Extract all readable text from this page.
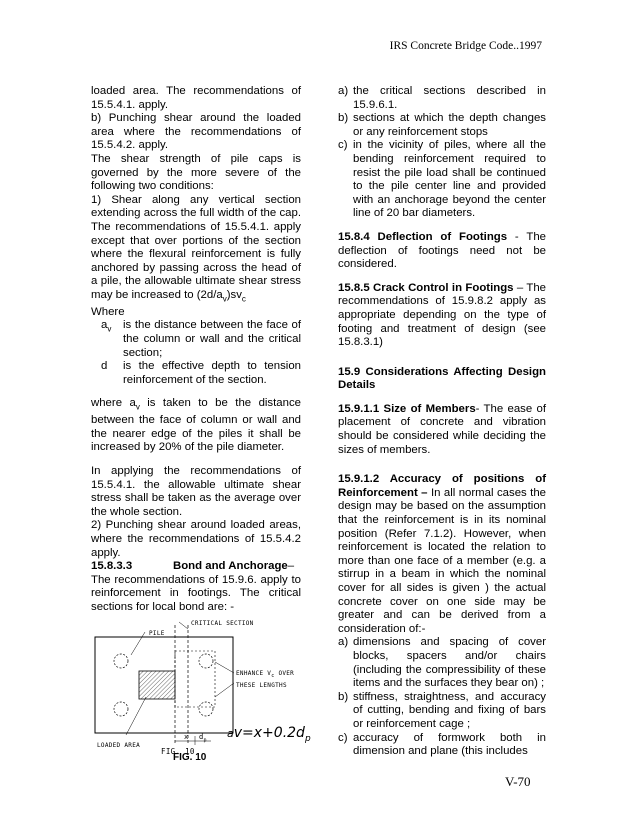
IRS Concrete Bridge Code..1997

loaded area. The recommendations of 15.5.4.1. apply.

b) Punching shear around the loaded area where the recommendations of 15.5.4.2. apply.

The shear strength of pile caps is governed by the more severe of the following two conditions:

1) Shear along any vertical section extending across the full width of the cap. The recommendations of 15.5.4.1. apply except that over portions of the section where the flexural reinforcement is fully anchored by passing across the head of a pile, the allowable ultimate shear stress may be increased to $(2d/a_v)sv_c$

Where

$a_v$	is the distance between the face of the column or wall and the critical section;
d	is the effective depth to tension reinforcement of the section.

where $a_v$ is taken to be the distance between the face of column or wall and the nearer edge of the piles it shall be increased by 20% of the pile diameter.

In applying the recommendations of 15.5.4.1. the allowable ultimate shear stress shall be taken as the average over the whole section.

2) Punching shear around loaded areas, where the recommendations of 15.5.4.2 apply.

15.8.3.3	Bond and Anchorage –

The recommendations of 15.9.6. apply to reinforcement in footings. The critical sections for local bond are: -

CRITICAL SECTION
PILE
ENHANCE $V_c$ OVER
THESE LENGTHS
LOADED AREA
x $d_p$
$av=x+0.2d_p$
FIG. 10
FIG. 10
a) the critical sections described in 15.9.6.1.
b) sections at which the depth changes or any reinforcement stops
c) in the vicinity of piles, where all the bending reinforcement required to resist the pile load shall be continued to the pile center line and provided with an anchorage beyond the center line of 20 bar diameters.

15.8.4 Deflection of Footings - The deflection of footings need not be considered.

15.8.5 Crack Control in Footings – The recommendations of 15.9.8.2 apply as appropriate depending on the type of footing and treatment of design (see 15.8.3.1)

15.9 Considerations Affecting Design Details

15.9.1.1 Size of Members- The ease of placement of concrete and vibration should be considered while deciding the sizes of members.

15.9.1.2 Accuracy of positions of Reinforcement – In all normal cases the design may be based on the assumption that the reinforcement is in its nominal position (Refer 7.1.2). However, when reinforcement is located the relation to more than one face of a member (e.g. a stirrup in a beam in which the nominal cover for all sides is given ) the actual concrete cover on one side may be greater and can be derived from a consideration of:-

a) dimensions and spacing of cover blocks, spacers and/or chairs (including the compressibility of these items and the surfaces they bear on) ;
b) stiffness, straightness, and accuracy of cutting, bending and fixing of bars or reinforcement cage ;
c) accuracy of formwork both in dimension and plane (this includes
V-70
